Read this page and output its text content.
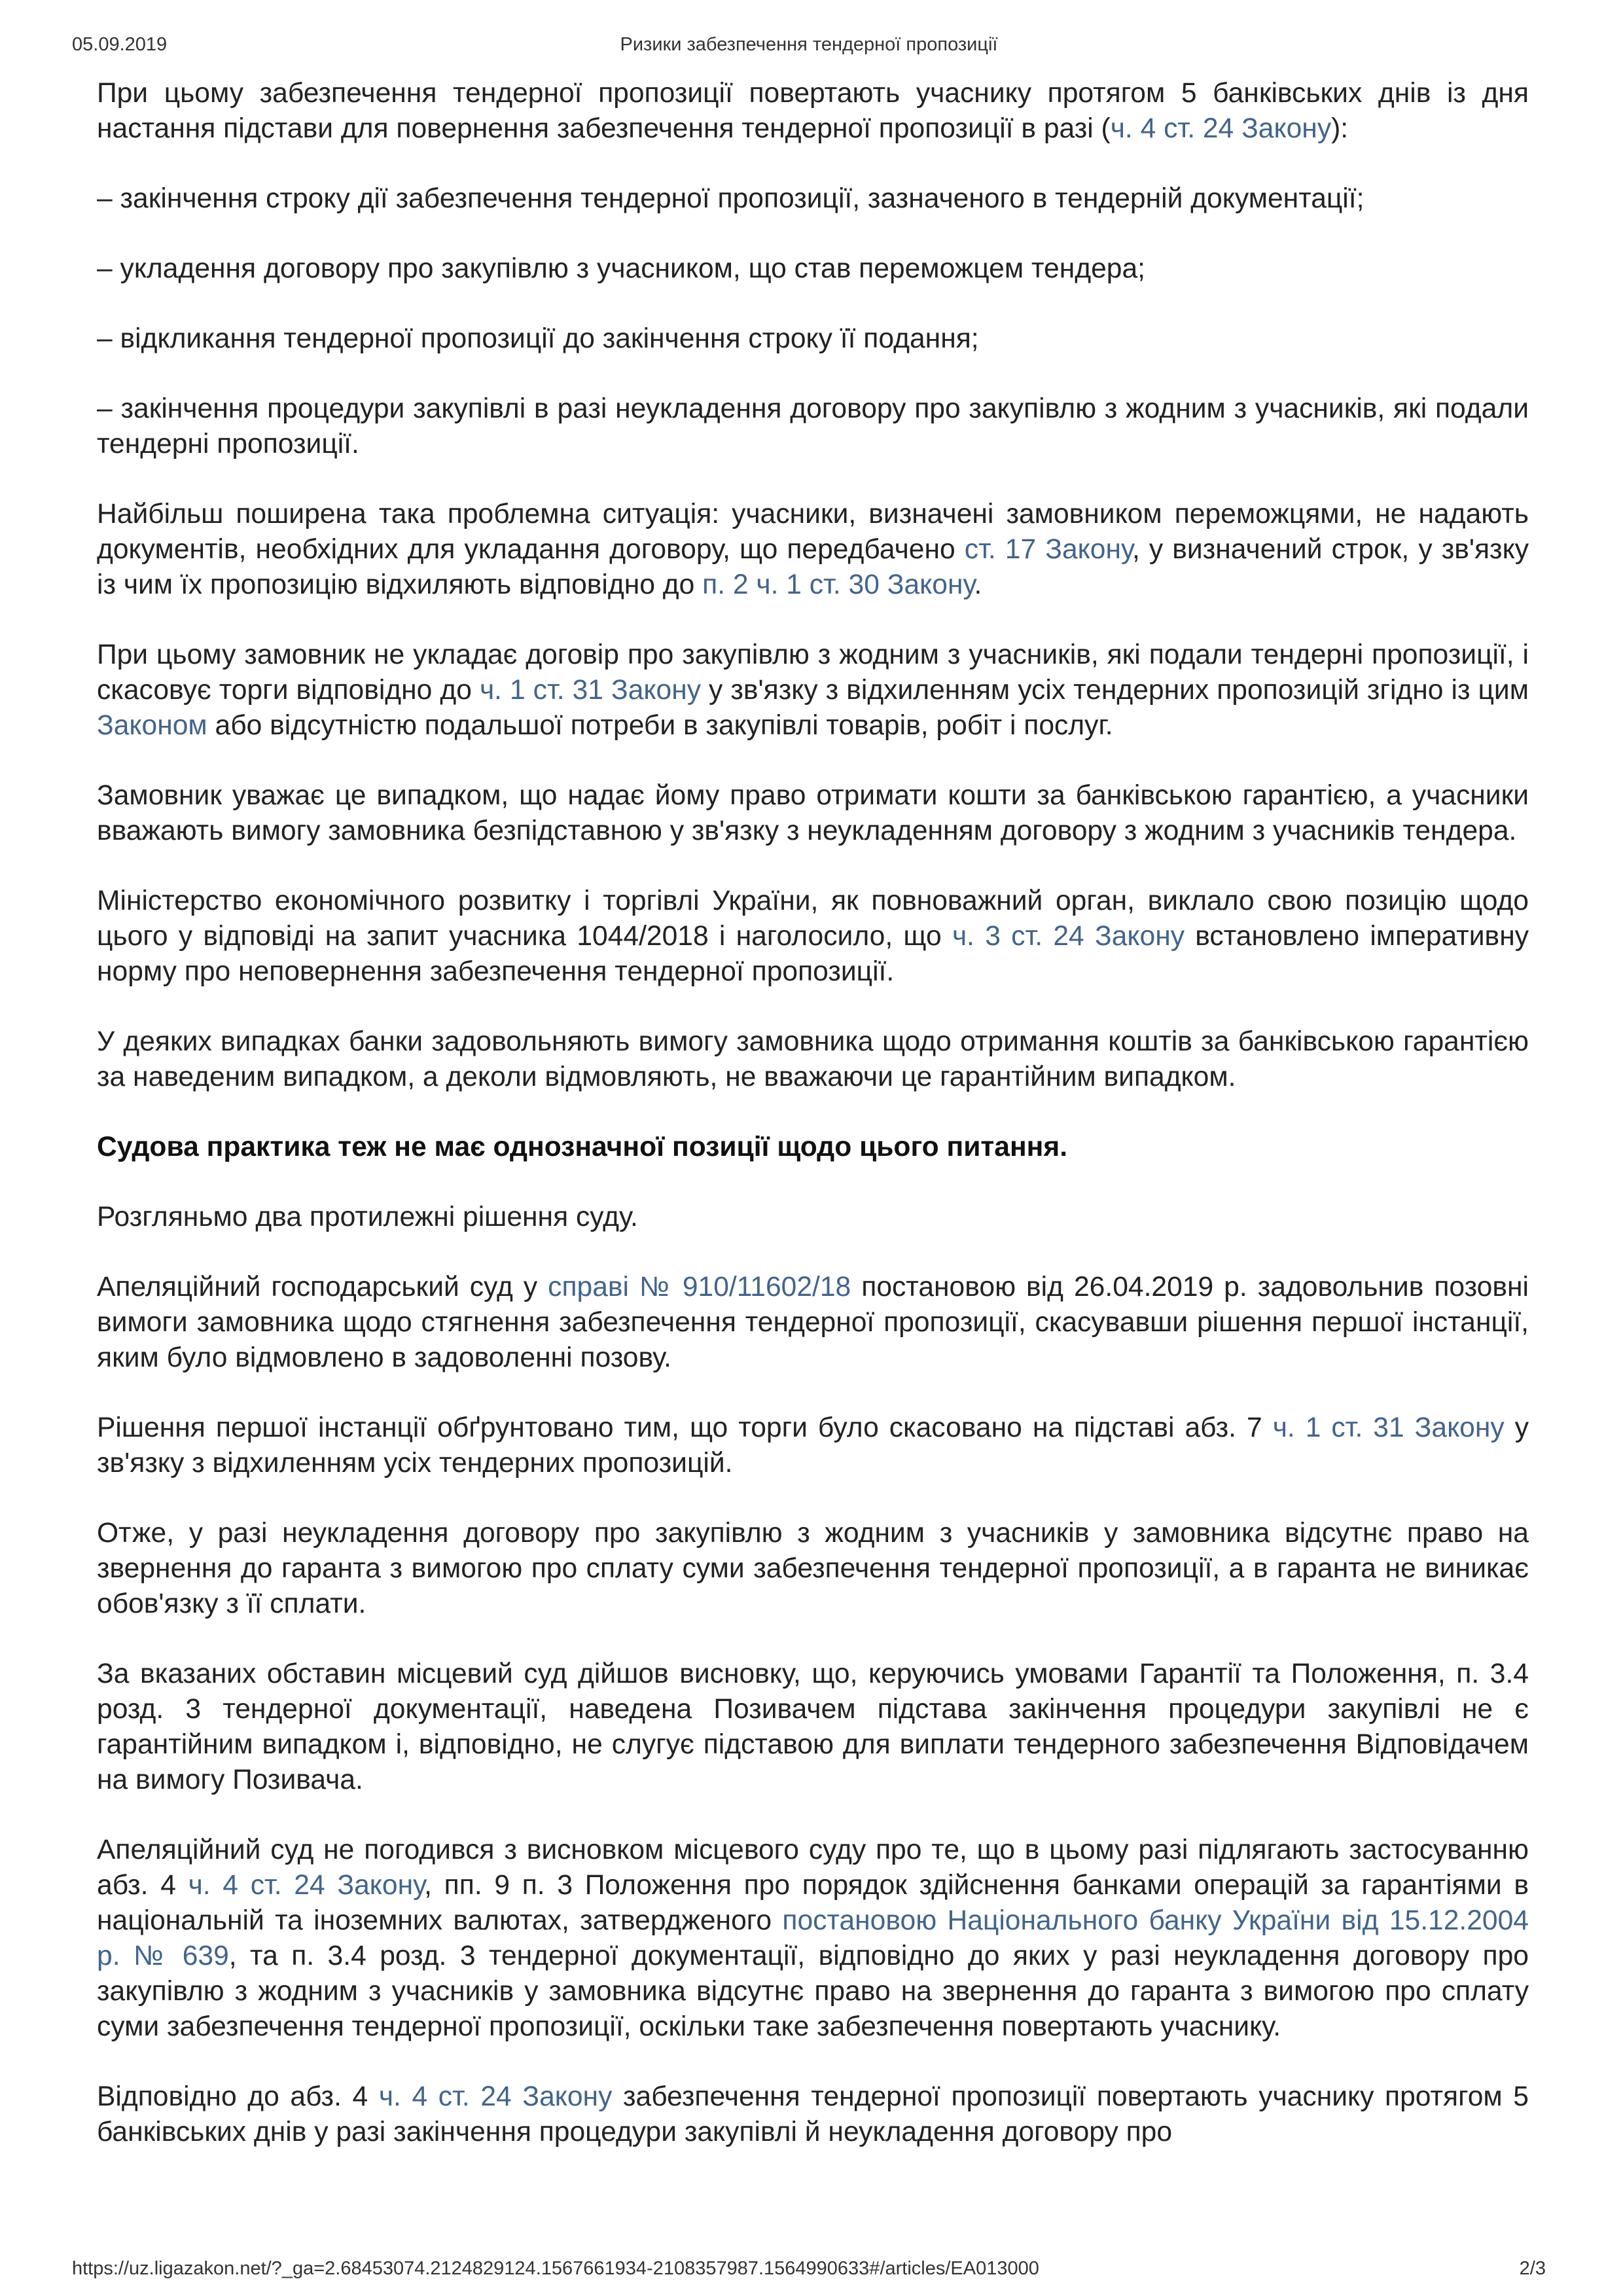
05.09.2019	Ризики забезпечення тендерної пропозиції

При цьому забезпечення тендерної пропозиції повертають учаснику протягом 5 банківських днів із дня настання підстави для повернення забезпечення тендерної пропозиції в разі (ч. 4 ст. 24 Закону):

– закінчення строку дії забезпечення тендерної пропозиції, зазначеного в тендерній документації;

– укладення договору про закупівлю з учасником, що став переможцем тендера;

– відкликання тендерної пропозиції до закінчення строку її подання;

– закінчення процедури закупівлі в разі неукладення договору про закупівлю з жодним з учасників, які подали тендерні пропозиції.

Найбільш поширена така проблемна ситуація: учасники, визначені замовником переможцями, не надають документів, необхідних для укладання договору, що передбачено ст. 17 Закону, у визначений строк, у зв'язку із чим їх пропозицію відхиляють відповідно до п. 2 ч. 1 ст. 30 Закону.

При цьому замовник не укладає договір про закупівлю з жодним з учасників, які подали тендерні пропозиції, і скасовує торги відповідно до ч. 1 ст. 31 Закону у зв'язку з відхиленням усіх тендерних пропозицій згідно із цим Законом або відсутністю подальшої потреби в закупівлі товарів, робіт і послуг.

Замовник уважає це випадком, що надає йому право отримати кошти за банківською гарантією, а учасники вважають вимогу замовника безпідставною у зв'язку з неукладенням договору з жодним з учасників тендера.

Міністерство економічного розвитку і торгівлі України, як повноважний орган, виклало свою позицію щодо цього у відповіді на запит учасника 1044/2018 і наголосило, що ч. 3 ст. 24 Закону встановлено імперативну норму про неповернення забезпечення тендерної пропозиції.

У деяких випадках банки задовольняють вимогу замовника щодо отримання коштів за банківською гарантією за наведеним випадком, а деколи відмовляють, не вважаючи це гарантійним випадком.

Судова практика теж не має однозначної позиції щодо цього питання.

Розгляньмо два протилежні рішення суду.

Апеляційний господарський суд у справі № 910/11602/18 постановою від 26.04.2019 р. задовольнив позовні вимоги замовника щодо стягнення забезпечення тендерної пропозиції, скасувавши рішення першої інстанції, яким було відмовлено в задоволенні позову.

Рішення першої інстанції обґрунтовано тим, що торги було скасовано на підставі абз. 7 ч. 1 ст. 31 Закону у зв'язку з відхиленням усіх тендерних пропозицій.

Отже, у разі неукладення договору про закупівлю з жодним з учасників у замовника відсутнє право на звернення до гаранта з вимогою про сплату суми забезпечення тендерної пропозиції, а в гаранта не виникає обов'язку з її сплати.

За вказаних обставин місцевий суд дійшов висновку, що, керуючись умовами Гарантії та Положення, п. 3.4 розд. 3 тендерної документації, наведена Позивачем підстава закінчення процедури закупівлі не є гарантійним випадком і, відповідно, не слугує підставою для виплати тендерного забезпечення Відповідачем на вимогу Позивача.

Апеляційний суд не погодився з висновком місцевого суду про те, що в цьому разі підлягають застосуванню абз. 4 ч. 4 ст. 24 Закону, пп. 9 п. 3 Положення про порядок здійснення банками операцій за гарантіями в національній та іноземних валютах, затвердженого постановою Національного банку України від 15.12.2004 р. № 639, та п. 3.4 розд. 3 тендерної документації, відповідно до яких у разі неукладення договору про закупівлю з жодним з учасників у замовника відсутнє право на звернення до гаранта з вимогою про сплату суми забезпечення тендерної пропозиції, оскільки таке забезпечення повертають учаснику.

Відповідно до абз. 4 ч. 4 ст. 24 Закону забезпечення тендерної пропозиції повертають учаснику протягом 5 банківських днів у разі закінчення процедури закупівлі й неукладення договору про

https://uz.ligazakon.net/?_ga=2.68453074.2124829124.1567661934-2108357987.1564990633#/articles/EA013000	2/3
